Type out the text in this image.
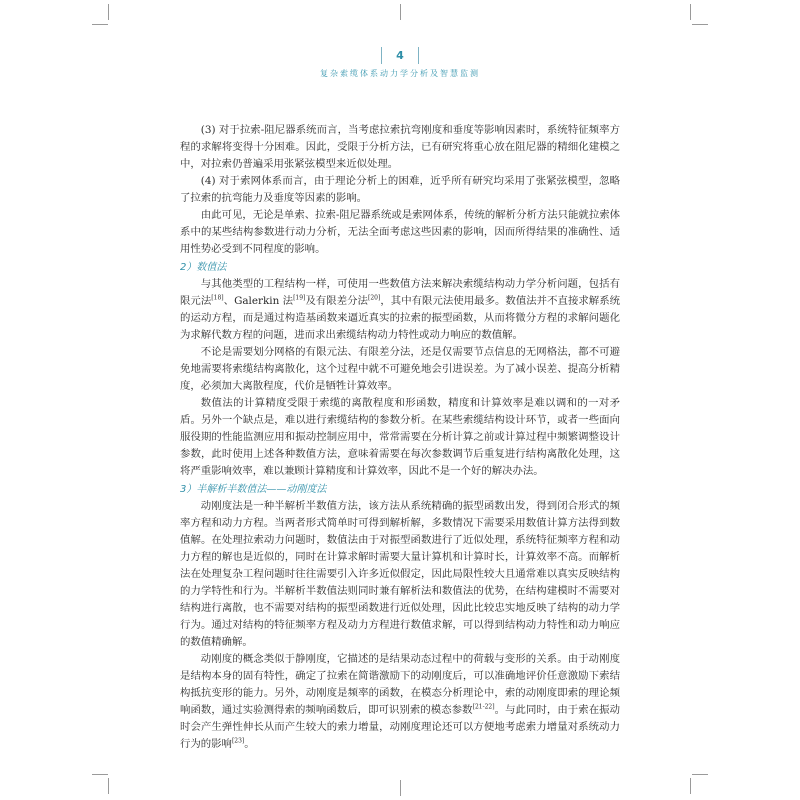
4
复杂索缆体系动力学分析及智慧监测

(3) 对于拉索-阻尼器系统而言，当考虑拉索抗弯刚度和垂度等影响因素时，系统特征频率方程的求解将变得十分困难。因此，受限于分析方法，已有研究将重心放在阻尼器的精细化建模之中，对拉索仍普遍采用张紧弦模型来近似处理。

(4) 对于索网体系而言，由于理论分析上的困难，近乎所有研究均采用了张紧弦模型，忽略了拉索的抗弯能力及垂度等因素的影响。

由此可见，无论是单索、拉索-阻尼器系统或是索网体系，传统的解析分析方法只能就拉索体系中的某些结构参数进行动力分析，无法全面考虑这些因素的影响，因而所得结果的准确性、适用性势必受到不同程度的影响。

2）数值法

与其他类型的工程结构一样，可使用一些数值方法来解决索缆结构动力学分析问题，包括有限元法[18]、Galerkin 法[19]及有限差分法[20]，其中有限元法使用最多。数值法并不直接求解系统的运动方程，而是通过构造基函数来逼近真实的拉索的振型函数，从而将微分方程的求解问题化为求解代数方程的问题，进而求出索缆结构动力特性或动力响应的数值解。

不论是需要划分网格的有限元法、有限差分法，还是仅需要节点信息的无网格法，都不可避免地需要将索缆结构离散化，这个过程中就不可避免地会引进误差。为了减小误差、提高分析精度，必须加大离散程度，代价是牺牲计算效率。

数值法的计算精度受限于索缆的离散程度和形函数，精度和计算效率是难以调和的一对矛盾。另外一个缺点是，难以进行索缆结构的参数分析。在某些索缆结构设计环节，或者一些面向服役期的性能监测应用和振动控制应用中，常常需要在分析计算之前或计算过程中频繁调整设计参数，此时使用上述各种数值方法，意味着需要在每次参数调节后重复进行结构离散化处理，这将严重影响效率，难以兼顾计算精度和计算效率，因此不是一个好的解决办法。

3）半解析半数值法——动刚度法

动刚度法是一种半解析半数值方法，该方法从系统精确的振型函数出发，得到闭合形式的频率方程和动力方程。当两者形式简单时可得到解析解，多数情况下需要采用数值计算方法得到数值解。在处理拉索动力问题时，数值法由于对振型函数进行了近似处理，系统特征频率方程和动力方程的解也是近似的，同时在计算求解时需要大量计算机和计算时长，计算效率不高。而解析法在处理复杂工程问题时往往需要引入许多近似假定，因此局限性较大且通常难以真实反映结构的力学特性和行为。半解析半数值法则同时兼有解析法和数值法的优势，在结构建模时不需要对结构进行离散，也不需要对结构的振型函数进行近似处理，因此比较忠实地反映了结构的动力学行为。通过对结构的特征频率方程及动力方程进行数值求解，可以得到结构动力特性和动力响应的数值精确解。

动刚度的概念类似于静刚度，它描述的是结果动态过程中的荷载与变形的关系。由于动刚度是结构本身的固有特性，确定了拉索在简谐激励下的动刚度后，可以准确地评价任意激励下索结构抵抗变形的能力。另外，动刚度是频率的函数，在模态分析理论中，索的动刚度即索的理论频响函数，通过实验测得索的频响函数后，即可识别索的模态参数[21-22]。与此同时，由于索在振动时会产生弹性伸长从而产生较大的索力增量，动刚度理论还可以方便地考虑索力增量对系统动力行为的影响[23]。
